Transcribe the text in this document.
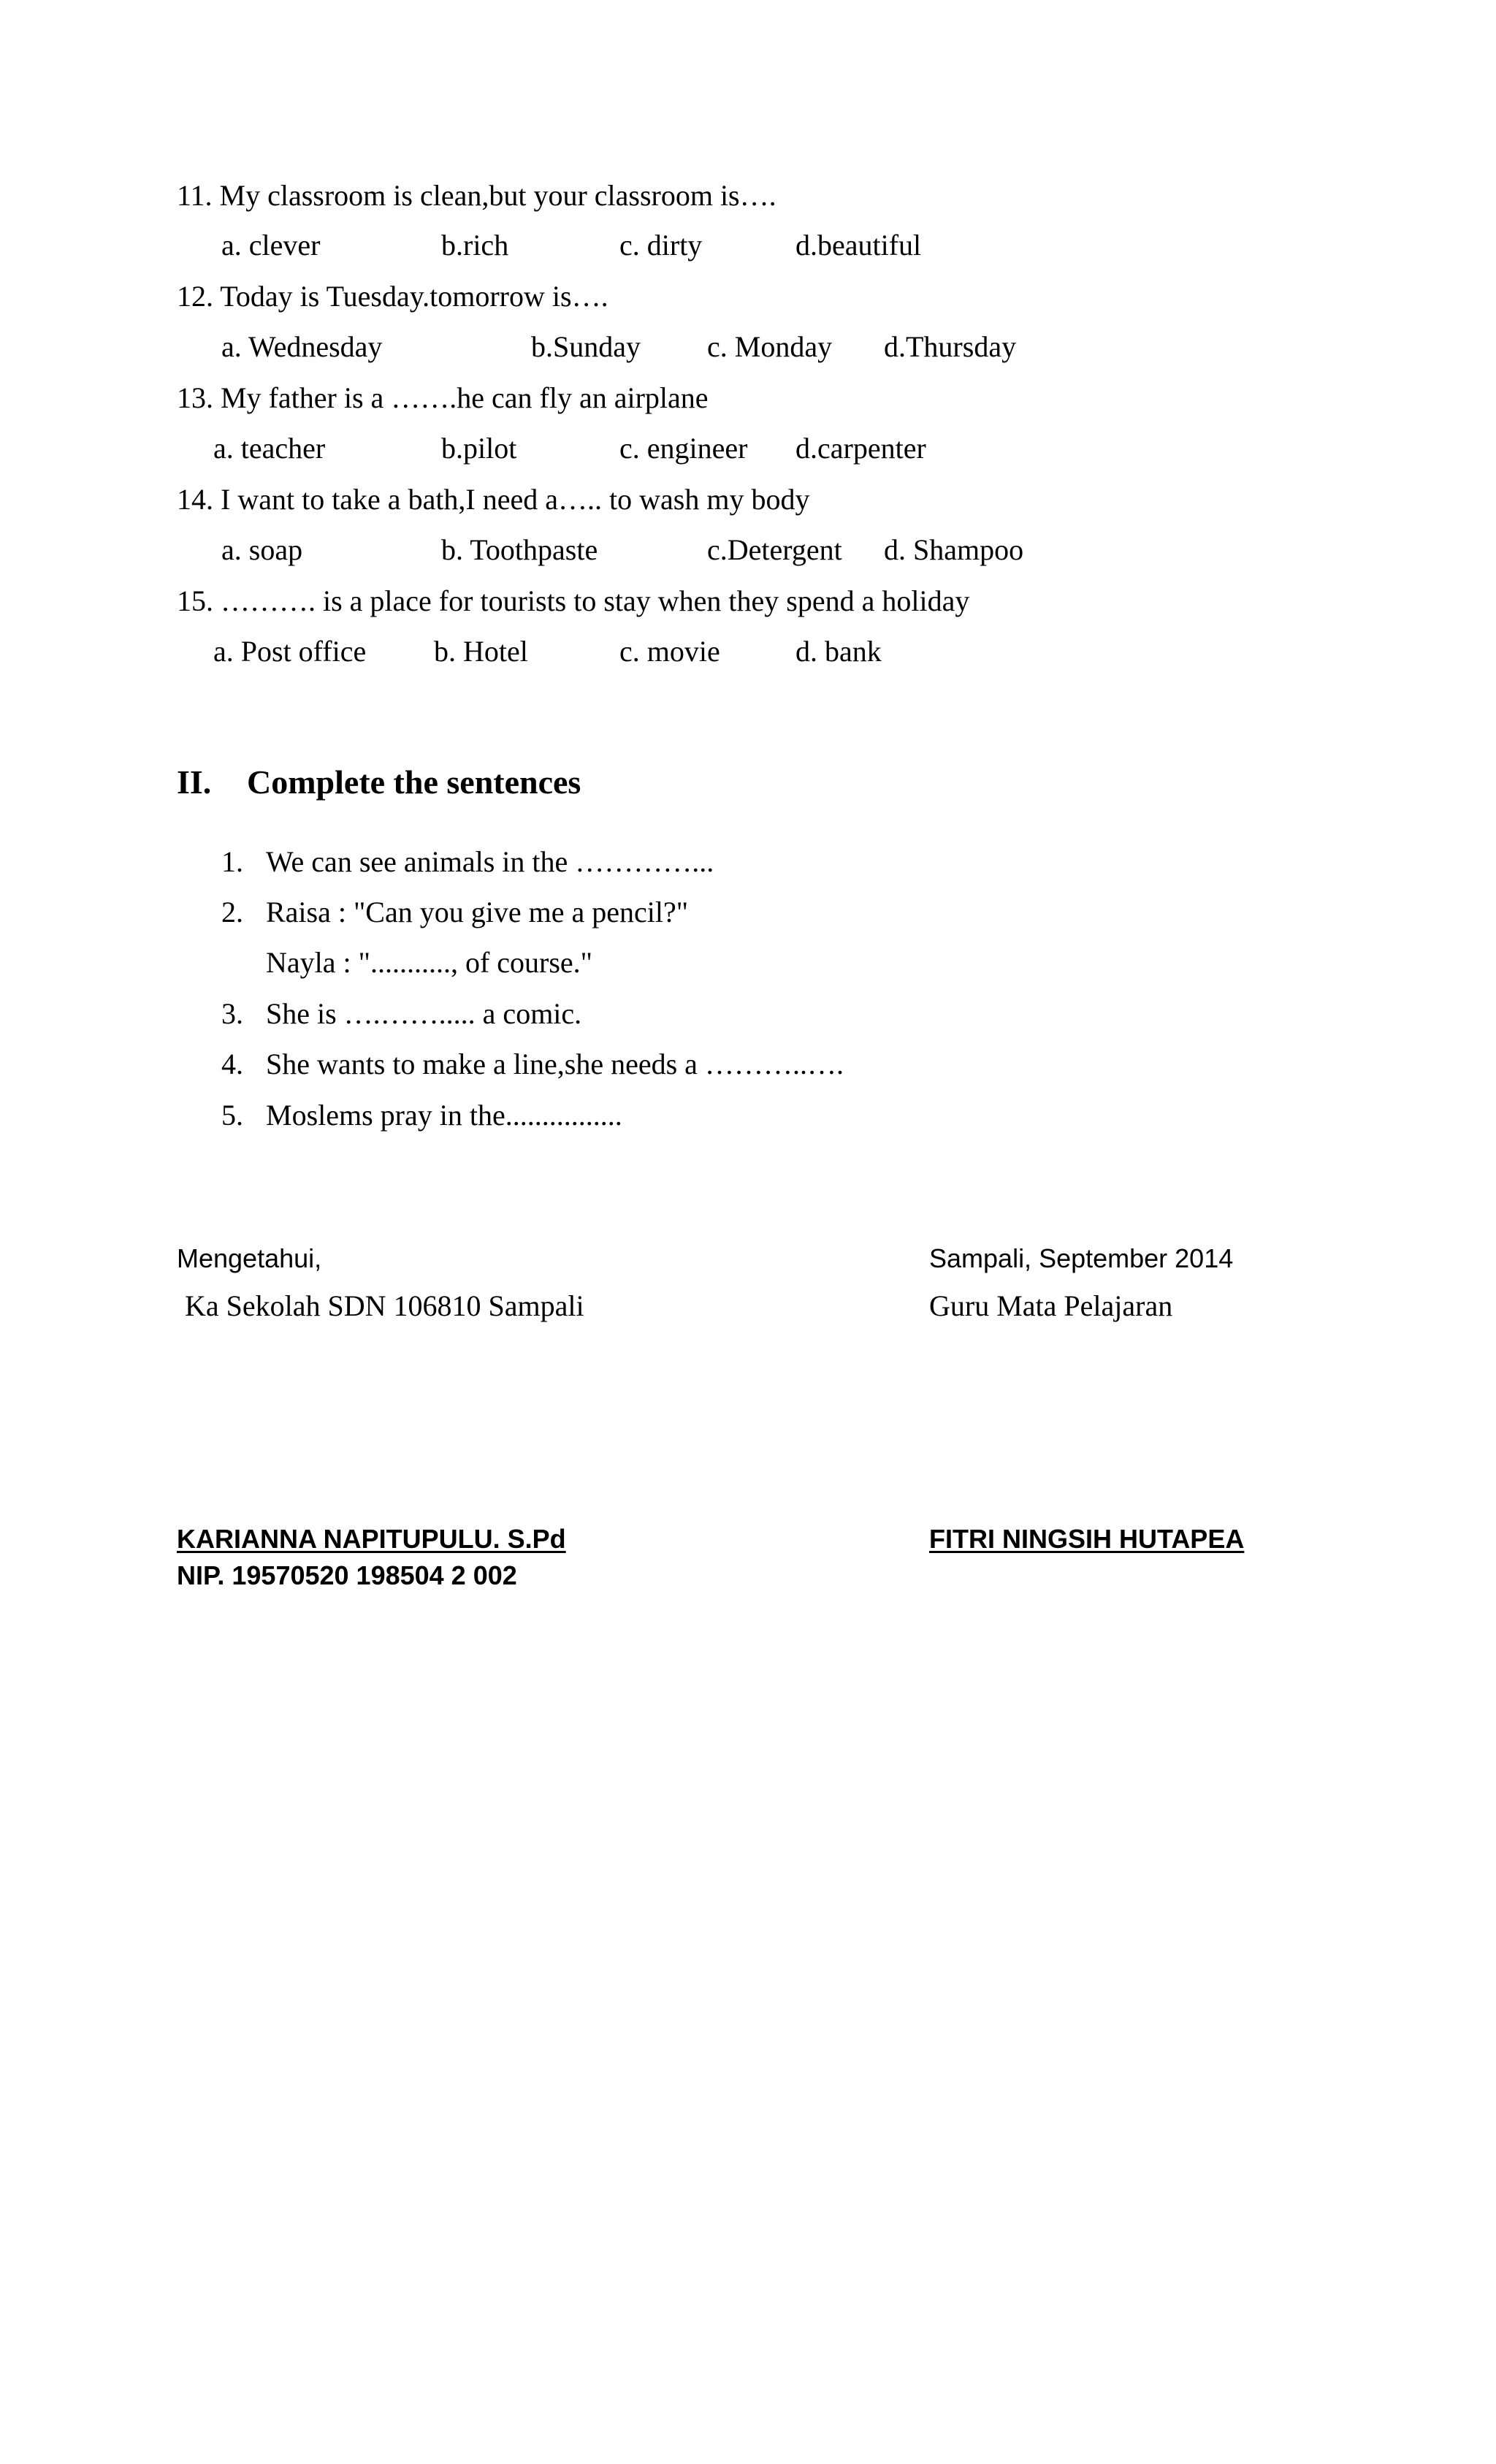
11. My classroom is clean,but your classroom is….
a. clever	b.rich	c. dirty	d.beautiful
12. Today is Tuesday.tomorrow is….
a. Wednesday	b.Sunday c. Monday d.Thursday
13. My father is a …….he can fly an airplane
a. teacher	b.pilot	c. engineer d.carpenter
14. I want to take a bath,I need a….. to wash my body
a. soap	b. Toothpaste	c.Detergent d. Shampoo
15. ………. is a place for tourists to stay when they spend a holiday
a. Post office b. Hotel	c. movie	d. bank
II. Complete the sentences
1. We can see animals in the …………...
2. Raisa : "Can you give me a pencil?"
Nayla : "..........., of course."
3. She is ….……..... a comic.
4. She wants to make a line,she needs a ………..….
5. Moslems pray in the................
Mengetahui,
Ka Sekolah SDN 106810 Sampali
Sampali, September 2014
Guru Mata Pelajaran
KARIANNA NAPITUPULU. S.Pd
NIP. 19570520 198504 2 002
FITRI NINGSIH HUTAPEA
